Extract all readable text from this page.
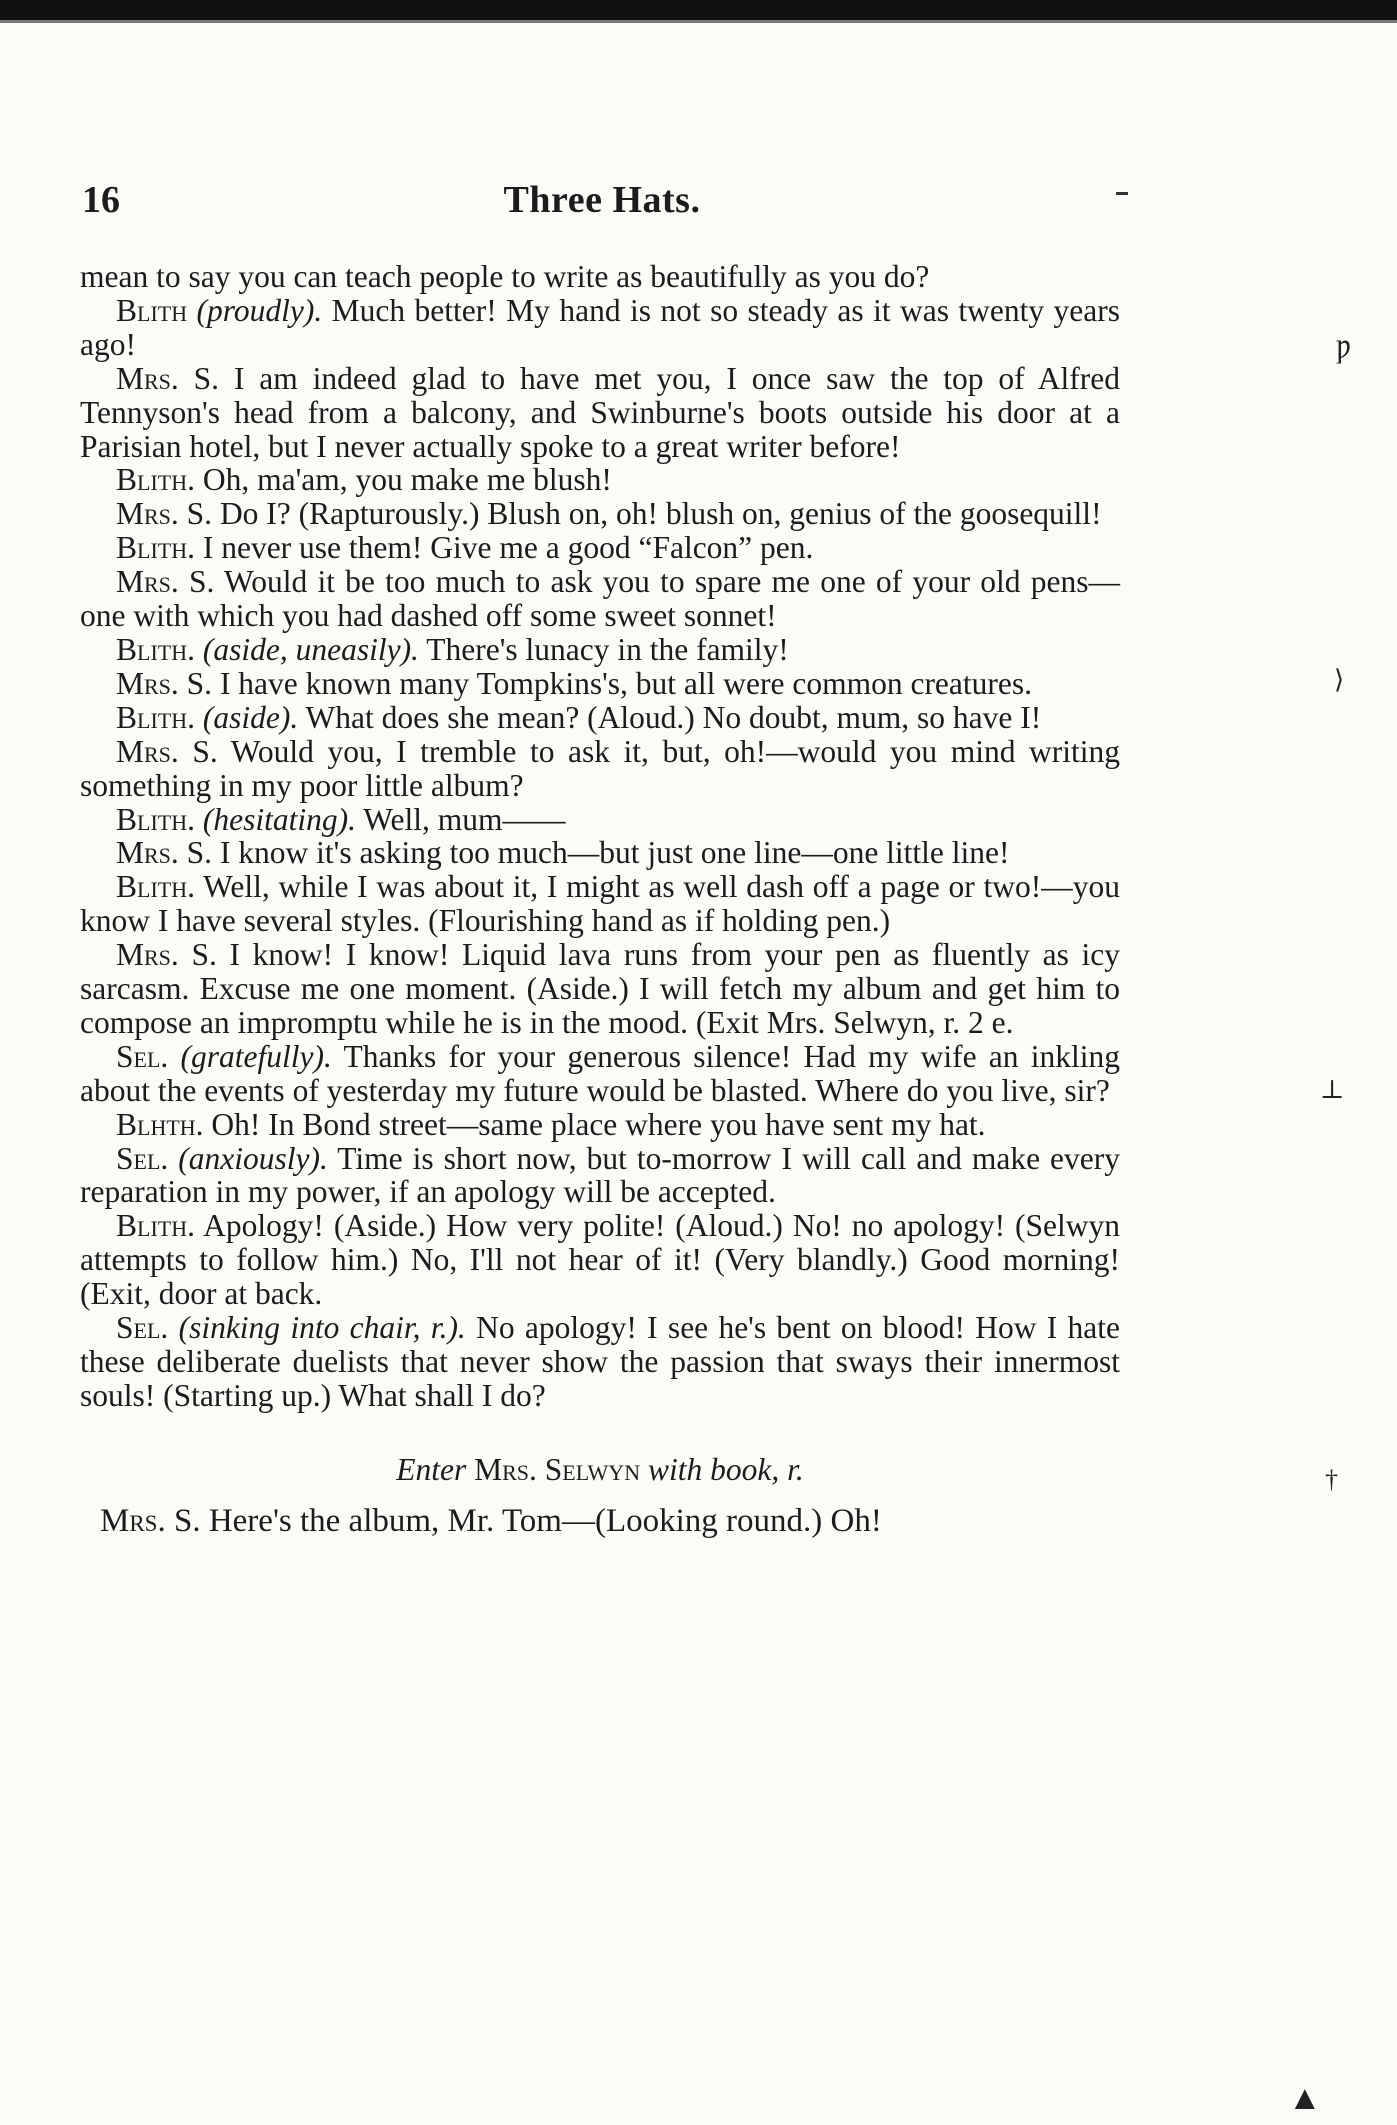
16	Three Hats.

mean to say you can teach people to write as beautifully as you do?

Blith (proudly). Much better! My hand is not so steady as it was twenty years ago!

Mrs. S. I am indeed glad to have met you, I once saw the top of Alfred Tennyson's head from a balcony, and Swinburne's boots outside his door at a Parisian hotel, but I never actually spoke to a great writer before!

Blith. Oh, ma'am, you make me blush!

Mrs. S. Do I? (Rapturously.) Blush on, oh! blush on, genius of the goosequill!

Blith. I never use them! Give me a good “Falcon” pen.

Mrs. S. Would it be too much to ask you to spare me one of your old pens—one with which you had dashed off some sweet sonnet!

Blith. (aside, uneasily). There's lunacy in the family!

Mrs. S. I have known many Tompkins's, but all were common creatures.

Blith. (aside). What does she mean? (Aloud.) No doubt, mum, so have I!

Mrs. S. Would you, I tremble to ask it, but, oh!—would you mind writing something in my poor little album?

Blith. (hesitating). Well, mum——

Mrs. S. I know it's asking too much—but just one line—one little line!

Blith. Well, while I was about it, I might as well dash off a page or two!—you know I have several styles. (Flourishing hand as if holding pen.)

Mrs. S. I know! I know! Liquid lava runs from your pen as fluently as icy sarcasm. Excuse me one moment. (Aside.) I will fetch my album and get him to compose an impromptu while he is in the mood. (Exit Mrs. Selwyn, r. 2 e.

Sel. (gratefully). Thanks for your generous silence! Had my wife an inkling about the events of yesterday my future would be blasted. Where do you live, sir?

Blhth. Oh! In Bond street—same place where you have sent my hat.

Sel. (anxiously). Time is short now, but to-morrow I will call and make every reparation in my power, if an apology will be accepted.

Blith. Apology! (Aside.) How very polite! (Aloud.) No! no apology! (Selwyn attempts to follow him.) No, I'll not hear of it! (Very blandly.) Good morning! (Exit, door at back.

Sel. (sinking into chair, r.). No apology! I see he's bent on blood! How I hate these deliberate duelists that never show the passion that sways their innermost souls! (Starting up.) What shall I do?

Enter Mrs. Selwyn with book, r.

Mrs. S. Here's the album, Mr. Tom—(Looking round.) Oh!

Ƿ
⟩
⊥
†
▲
